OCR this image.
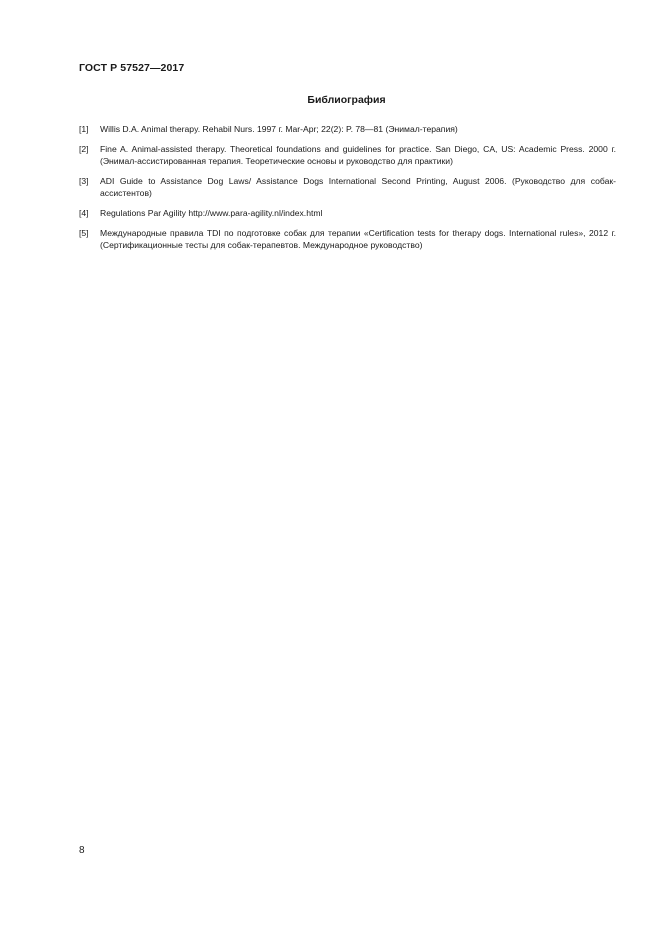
ГОСТ Р 57527—2017
Библиография
[1]	Willis D.A. Animal therapy. Rehabil Nurs. 1997 г. Mar-Apr; 22(2): P. 78—81 (Энимал-терапия)
[2]	Fine A. Animal-assisted therapy. Theoretical foundations and guidelines for practice. San Diego, CA, US: Academic Press. 2000 г. (Энимал-ассистированная терапия. Теоретические основы и руководство для практики)
[3]	ADI Guide to Assistance Dog Laws/ Assistance Dogs International Second Printing, August 2006. (Руководство для собак-ассистентов)
[4]	Regulations Par Agility http://www.para-agility.nl/index.html
[5]	Международные правила TDI по подготовке собак для терапии «Certification tests for therapy dogs. International rules», 2012 г. (Сертификационные тесты для собак-терапевтов. Международное руководство)
8
